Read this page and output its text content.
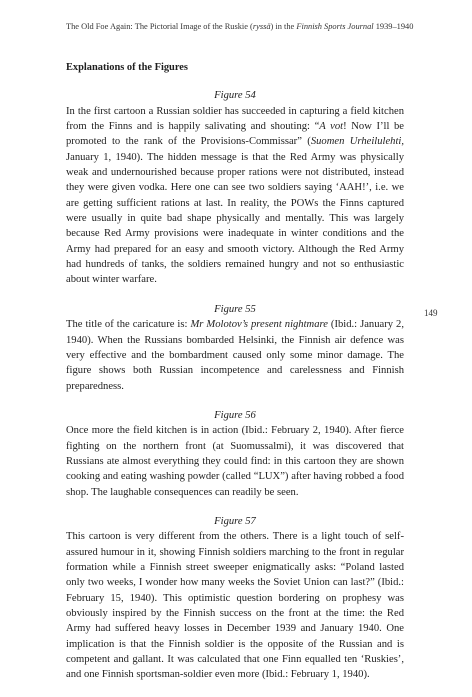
The Old Foe Again: The Pictorial Image of the Ruskie (ryssä) in the Finnish Sports Journal 1939–1940
Explanations of the Figures
Figure 54

In the first cartoon a Russian soldier has succeeded in capturing a field kitchen from the Finns and is happily salivating and shouting: “A vot! Now I’ll be promoted to the rank of the Provisions-Commissar” (Suomen Urheilulehti, January 1, 1940). The hidden message is that the Red Army was physically weak and undernourished because proper rations were not distributed, instead they were given vodka. Here one can see two soldiers saying ‘AAH!’, i.e. we are getting sufficient rations at last. In reality, the POWs the Finns captured were usually in quite bad shape physically and mentally. This was largely because Red Army provisions were inadequate in winter conditions and the Army had prepared for an easy and smooth victory. Although the Red Army had hundreds of tanks, the soldiers remained hungry and not so enthusiastic about winter warfare.

Figure 55

The title of the caricature is: Mr Molotov’s present nightmare (Ibid.: January 2, 1940). When the Russians bombarded Helsinki, the Finnish air defence was very effective and the bombardment caused only some minor damage. The figure shows both Russian incompetence and carelessness and Finnish preparedness.

Figure 56

Once more the field kitchen is in action (Ibid.: February 2, 1940). After fierce fighting on the northern front (at Suomussalmi), it was discovered that Russians ate almost everything they could find: in this cartoon they are shown cooking and eating washing powder (called “LUX”) after having robbed a food shop. The laughable consequences can readily be seen.

Figure 57

This cartoon is very different from the others. There is a light touch of self-assured humour in it, showing Finnish soldiers marching to the front in regular formation while a Finnish street sweeper enigmatically asks: “Poland lasted only two weeks, I wonder how many weeks the Soviet Union can last?” (Ibid.: February 15, 1940). This optimistic question bordering on prophesy was obviously inspired by the Finnish success on the front at the time: the Red Army had suffered heavy losses in December 1939 and January 1940. One implication is that the Finnish soldier is the opposite of the Russian and is competent and gallant. It was calculated that one Finn equalled ten ‘Ruskies’, and one Finnish sportsman-soldier even more (Ibid.: February 1, 1940).

149
